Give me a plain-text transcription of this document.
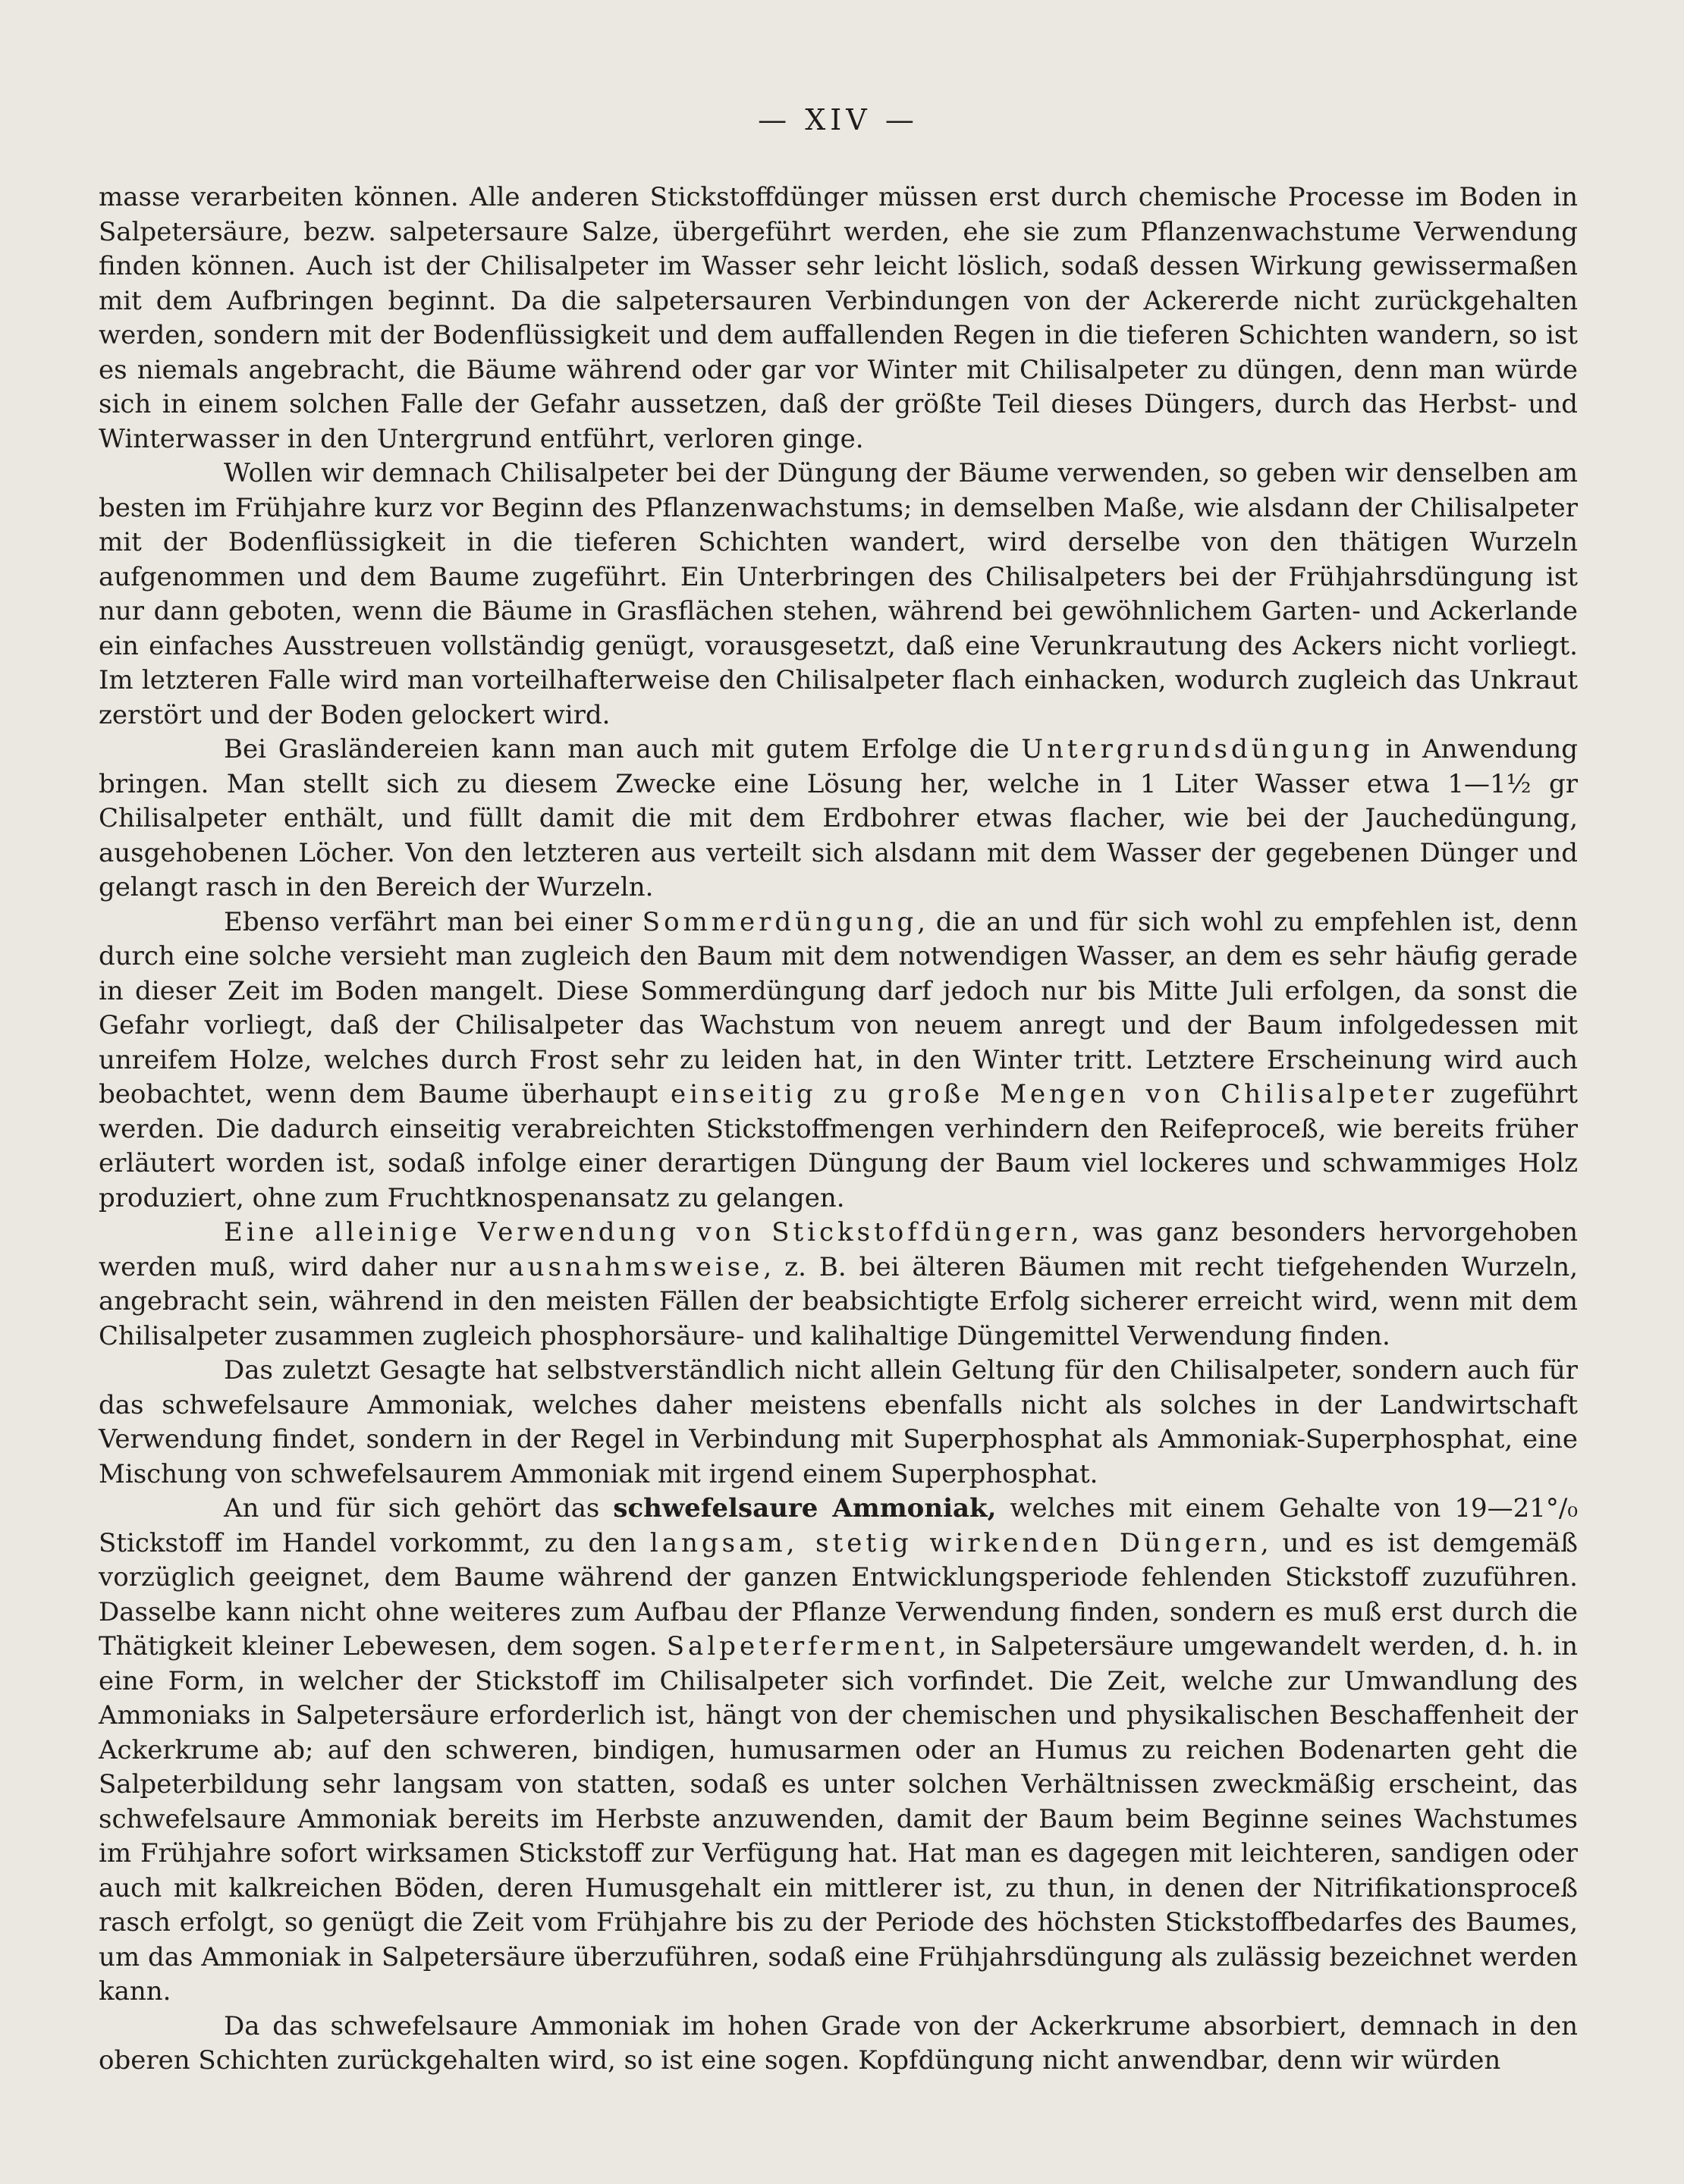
— XIV —

masse verarbeiten können. Alle anderen Stickstoffdünger müssen erst durch chemische Processe im Boden in Salpetersäure, bezw. salpetersaure Salze, übergeführt werden, ehe sie zum Pflanzenwachstume Verwendung finden können. Auch ist der Chilisalpeter im Wasser sehr leicht löslich, sodaß dessen Wirkung gewissermaßen mit dem Aufbringen beginnt. Da die salpetersauren Verbindungen von der Ackererde nicht zurückgehalten werden, sondern mit der Bodenflüssigkeit und dem auffallenden Regen in die tieferen Schichten wandern, so ist es niemals angebracht, die Bäume während oder gar vor Winter mit Chilisalpeter zu düngen, denn man würde sich in einem solchen Falle der Gefahr aussetzen, daß der größte Teil dieses Düngers, durch das Herbst- und Winterwasser in den Untergrund entführt, verloren ginge.

Wollen wir demnach Chilisalpeter bei der Düngung der Bäume verwenden, so geben wir denselben am besten im Frühjahre kurz vor Beginn des Pflanzenwachstums; in demselben Maße, wie alsdann der Chilisalpeter mit der Bodenflüssigkeit in die tieferen Schichten wandert, wird derselbe von den thätigen Wurzeln aufgenommen und dem Baume zugeführt. Ein Unterbringen des Chilisalpeters bei der Frühjahrsdüngung ist nur dann geboten, wenn die Bäume in Grasflächen stehen, während bei gewöhnlichem Garten- und Ackerlande ein einfaches Ausstreuen vollständig genügt, vorausgesetzt, daß eine Verunkrautung des Ackers nicht vorliegt. Im letzteren Falle wird man vorteilhafterweise den Chilisalpeter flach einhacken, wodurch zugleich das Unkraut zerstört und der Boden gelockert wird.

Bei Grasländereien kann man auch mit gutem Erfolge die Untergrundsdüngung in Anwendung bringen. Man stellt sich zu diesem Zwecke eine Lösung her, welche in 1 Liter Wasser etwa 1—1½ gr Chilisalpeter enthält, und füllt damit die mit dem Erdbohrer etwas flacher, wie bei der Jauchedüngung, ausgehobenen Löcher. Von den letzteren aus verteilt sich alsdann mit dem Wasser der gegebenen Dünger und gelangt rasch in den Bereich der Wurzeln.

Ebenso verfährt man bei einer Sommerdüngung, die an und für sich wohl zu empfehlen ist, denn durch eine solche versieht man zugleich den Baum mit dem notwendigen Wasser, an dem es sehr häufig gerade in dieser Zeit im Boden mangelt. Diese Sommerdüngung darf jedoch nur bis Mitte Juli erfolgen, da sonst die Gefahr vorliegt, daß der Chilisalpeter das Wachstum von neuem anregt und der Baum infolgedessen mit unreifem Holze, welches durch Frost sehr zu leiden hat, in den Winter tritt. Letztere Erscheinung wird auch beobachtet, wenn dem Baume überhaupt einseitig zu große Mengen von Chilisalpeter zugeführt werden. Die dadurch einseitig verabreichten Stickstoffmengen verhindern den Reifeproceß, wie bereits früher erläutert worden ist, sodaß infolge einer derartigen Düngung der Baum viel lockeres und schwammiges Holz produziert, ohne zum Fruchtknospenansatz zu gelangen.

Eine alleinige Verwendung von Stickstoffdüngern, was ganz besonders hervorgehoben werden muß, wird daher nur ausnahmsweise, z. B. bei älteren Bäumen mit recht tiefgehenden Wurzeln, angebracht sein, während in den meisten Fällen der beabsichtigte Erfolg sicherer erreicht wird, wenn mit dem Chilisalpeter zusammen zugleich phosphorsäure- und kalihaltige Düngemittel Verwendung finden.

Das zuletzt Gesagte hat selbstverständlich nicht allein Geltung für den Chilisalpeter, sondern auch für das schwefelsaure Ammoniak, welches daher meistens ebenfalls nicht als solches in der Landwirtschaft Verwendung findet, sondern in der Regel in Verbindung mit Superphosphat als Ammoniak-Superphosphat, eine Mischung von schwefelsaurem Ammoniak mit irgend einem Superphosphat.

An und für sich gehört das schwefelsaure Ammoniak, welches mit einem Gehalte von 19—21°/₀ Stickstoff im Handel vorkommt, zu den langsam, stetig wirkenden Düngern, und es ist demgemäß vorzüglich geeignet, dem Baume während der ganzen Entwicklungsperiode fehlenden Stickstoff zuzuführen. Dasselbe kann nicht ohne weiteres zum Aufbau der Pflanze Verwendung finden, sondern es muß erst durch die Thätigkeit kleiner Lebewesen, dem sogen. Salpeterferment, in Salpetersäure umgewandelt werden, d. h. in eine Form, in welcher der Stickstoff im Chilisalpeter sich vorfindet. Die Zeit, welche zur Umwandlung des Ammoniaks in Salpetersäure erforderlich ist, hängt von der chemischen und physikalischen Beschaffenheit der Ackerkrume ab; auf den schweren, bindigen, humusarmen oder an Humus zu reichen Bodenarten geht die Salpeterbildung sehr langsam von statten, sodaß es unter solchen Verhältnissen zweckmäßig erscheint, das schwefelsaure Ammoniak bereits im Herbste anzuwenden, damit der Baum beim Beginne seines Wachstumes im Frühjahre sofort wirksamen Stickstoff zur Verfügung hat. Hat man es dagegen mit leichteren, sandigen oder auch mit kalkreichen Böden, deren Humusgehalt ein mittlerer ist, zu thun, in denen der Nitrifikationsproceß rasch erfolgt, so genügt die Zeit vom Frühjahre bis zu der Periode des höchsten Stickstoffbedarfes des Baumes, um das Ammoniak in Salpetersäure überzuführen, sodaß eine Frühjahrsdüngung als zulässig bezeichnet werden kann.

Da das schwefelsaure Ammoniak im hohen Grade von der Ackerkrume absorbiert, demnach in den oberen Schichten zurückgehalten wird, so ist eine sogen. Kopfdüngung nicht anwendbar, denn wir würden
